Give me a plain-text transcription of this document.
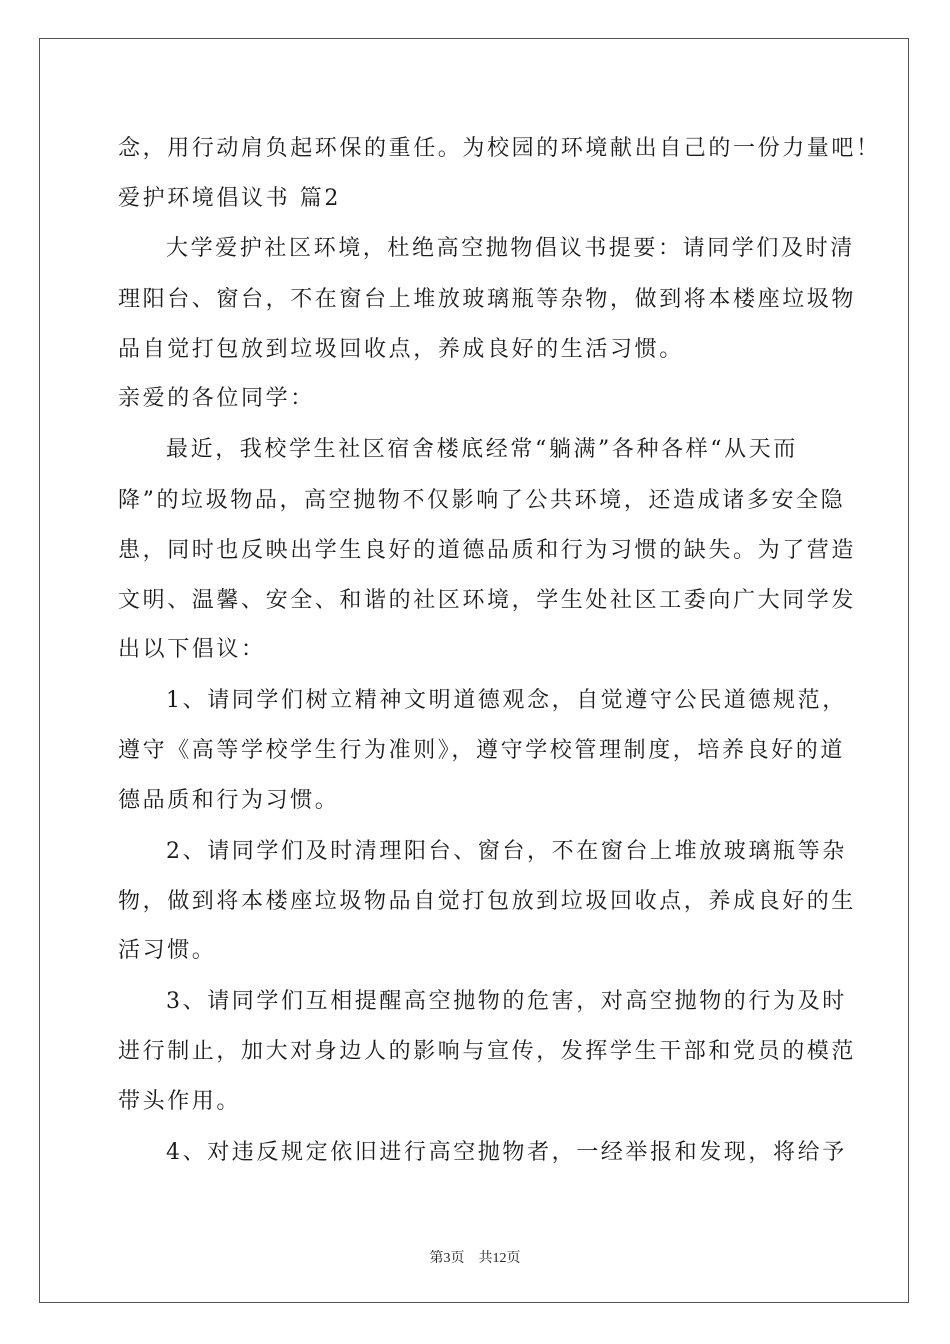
念，用行动肩负起环保的重任。为校园的环境献出自己的一份力量吧！
爱护环境倡议书 篇2
大学爱护社区环境，杜绝高空抛物倡议书提要：请同学们及时清
理阳台、窗台，不在窗台上堆放玻璃瓶等杂物，做到将本楼座垃圾物
品自觉打包放到垃圾回收点，养成良好的生活习惯。
亲爱的各位同学：
最近，我校学生社区宿舍楼底经常“躺满”各种各样“从天而
降”的垃圾物品，高空抛物不仅影响了公共环境，还造成诸多安全隐
患，同时也反映出学生良好的道德品质和行为习惯的缺失。为了营造
文明、温馨、安全、和谐的社区环境，学生处社区工委向广大同学发
出以下倡议：
1、请同学们树立精神文明道德观念，自觉遵守公民道德规范，
遵守《高等学校学生行为准则》，遵守学校管理制度，培养良好的道
德品质和行为习惯。
2、请同学们及时清理阳台、窗台，不在窗台上堆放玻璃瓶等杂
物，做到将本楼座垃圾物品自觉打包放到垃圾回收点，养成良好的生
活习惯。
3、请同学们互相提醒高空抛物的危害，对高空抛物的行为及时
进行制止，加大对身边人的影响与宣传，发挥学生干部和党员的模范
带头作用。
4、对违反规定依旧进行高空抛物者，一经举报和发现，将给予
第3页 共12页
